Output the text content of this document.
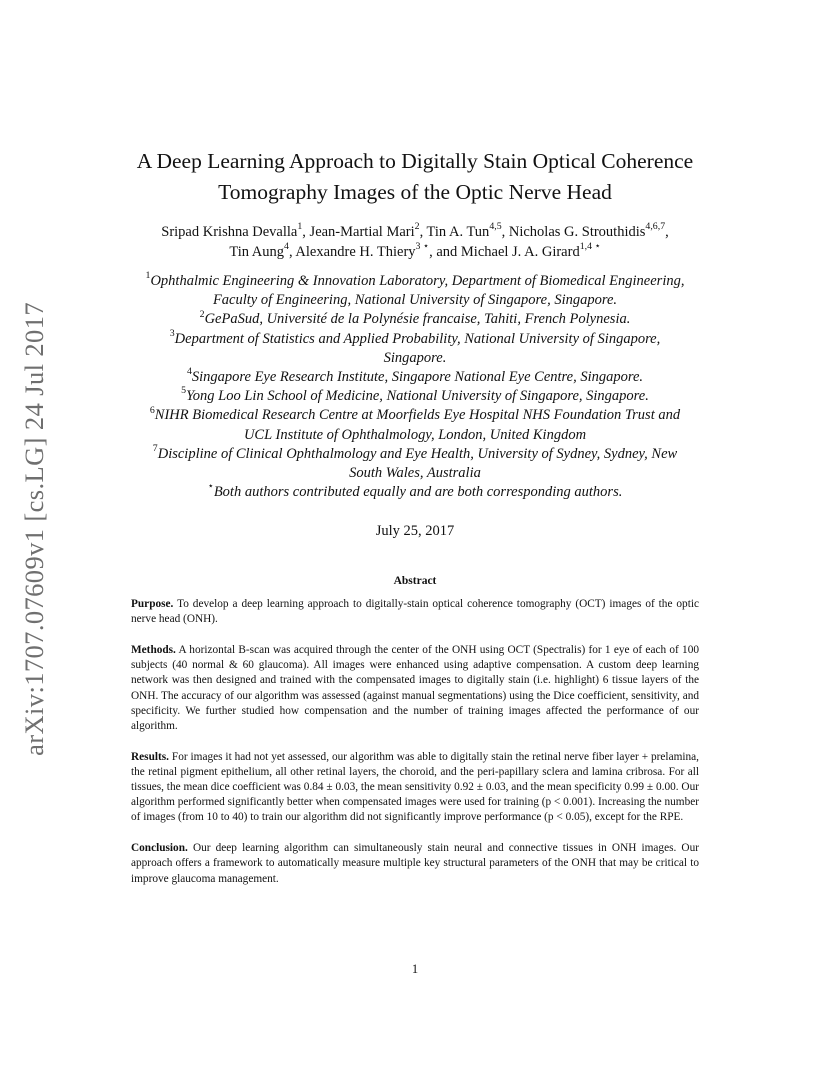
arXiv:1707.07609v1 [cs.LG] 24 Jul 2017
A Deep Learning Approach to Digitally Stain Optical Coherence
Tomography Images of the Optic Nerve Head
Sripad Krishna Devalla$^1$, Jean-Martial Mari$^2$, Tin A. Tun$^{4,5}$, Nicholas G. Strouthidis$^{4,6,7}$,
Tin Aung$^4$, Alexandre H. Thiery$^{3 ⋆}$, and Michael J. A. Girard$^{1,4 ⋆}$
$^1$Ophthalmic Engineering & Innovation Laboratory, Department of Biomedical Engineering,
Faculty of Engineering, National University of Singapore, Singapore.
$^2$GePaSud, Université de la Polynésie francaise, Tahiti, French Polynesia.
$^3$Department of Statistics and Applied Probability, National University of Singapore,
Singapore.
$^4$Singapore Eye Research Institute, Singapore National Eye Centre, Singapore.
$^5$Yong Loo Lin School of Medicine, National University of Singapore, Singapore.
$^6$NIHR Biomedical Research Centre at Moorfields Eye Hospital NHS Foundation Trust and
UCL Institute of Ophthalmology, London, United Kingdom
$^7$Discipline of Clinical Ophthalmology and Eye Health, University of Sydney, Sydney, New
South Wales, Australia
⋆Both authors contributed equally and are both corresponding authors.
July 25, 2017
Abstract

Purpose. To develop a deep learning approach to digitally-stain optical coherence tomography (OCT) images of the optic nerve head (ONH).

Methods. A horizontal B-scan was acquired through the center of the ONH using OCT (Spectralis) for 1 eye of each of 100 subjects (40 normal & 60 glaucoma). All images were enhanced using adaptive compensation. A custom deep learning network was then designed and trained with the compensated images to digitally stain (i.e. highlight) 6 tissue layers of the ONH. The accuracy of our algorithm was assessed (against manual segmentations) using the Dice coefficient, sensitivity, and specificity. We further studied how compensation and the number of training images affected the performance of our algorithm.

Results. For images it had not yet assessed, our algorithm was able to digitally stain the retinal nerve fiber layer + prelamina, the retinal pigment epithelium, all other retinal layers, the choroid, and the peri-papillary sclera and lamina cribrosa. For all tissues, the mean dice coefficient was 0.84 ± 0.03, the mean sensitivity 0.92 ± 0.03, and the mean specificity 0.99 ± 0.00. Our algorithm performed significantly better when compensated images were used for training (p < 0.001). Increasing the number of images (from 10 to 40) to train our algorithm did not significantly improve performance (p < 0.05), except for the RPE.

Conclusion. Our deep learning algorithm can simultaneously stain neural and connective tissues in ONH images. Our approach offers a framework to automatically measure multiple key structural parameters of the ONH that may be critical to improve glaucoma management.

1
